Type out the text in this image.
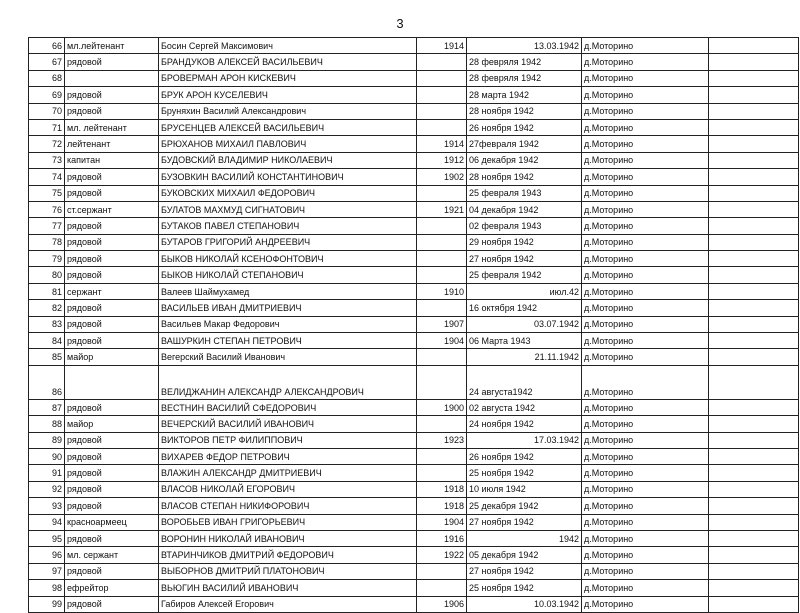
3
66	мл.лейтенант	Босин Сергей Максимович	1914	13.03.1942	д.Моторино	
67	рядовой	БРАНДУКОВ АЛЕКСЕЙ ВАСИЛЬЕВИЧ		28 февряля 1942	д.Моторино	
68		БРОВЕРМАН АРОН КИСКЕВИЧ		28 февряля 1942	д.Моторино	
69	рядовой	БРУК АРОН КУСЕЛЕВИЧ		28 марта 1942	д.Моторино	
70	рядовой	Бруняхин Василий Александрович		28 ноября 1942	д.Моторино	
71	мл. лейтенант	БРУСЕНЦЕВ АЛЕКСЕЙ ВАСИЛЬЕВИЧ		26 ноября 1942	д.Моторино	
72	лейтенант	БРЮХАНОВ МИХАИЛ ПАВЛОВИЧ	1914	27февраля 1942	д.Моторино	
73	капитан	БУДОВСКИЙ ВЛАДИМИР НИКОЛАЕВИЧ	1912	06 декабря 1942	д.Моторино	
74	рядовой	БУЗОВКИН ВАСИЛИЙ КОНСТАНТИНОВИЧ	1902	28 ноября 1942	д.Моторино	
75	рядовой	БУКОВСКИХ МИХАИЛ ФЕДОРОВИЧ		25 февраля 1943	д.Моторино	
76	ст.сержант	БУЛАТОВ МАХМУД СИГНАТОВИЧ	1921	04 декабря 1942	д.Моторино	
77	рядовой	БУТАКОВ ПАВЕЛ СТЕПАНОВИЧ		02 февраля 1943	д.Моторино	
78	рядовой	БУТАРОВ ГРИГОРИЙ АНДРЕЕВИЧ		29 ноября 1942	д.Моторино	
79	рядовой	БЫКОВ НИКОЛАЙ КСЕНОФОНТОВИЧ		27 ноября 1942	д.Моторино	
80	рядовой	БЫКОВ НИКОЛАЙ СТЕПАНОВИЧ		25 февраля 1942	д.Моторино	
81	сержант	Валеев Шаймухамед	1910	июл.42	д.Моторино	
82	рядовой	ВАСИЛЬЕВ ИВАН ДМИТРИЕВИЧ		16 октября 1942	д.Моторино	
83	рядовой	Васильев Макар Федорович	1907	03.07.1942	д.Моторино	
84	рядовой	ВАШУРКИН СТЕПАН ПЕТРОВИЧ	1904	06 Марта 1943	д.Моторино	
85	майор	Вегерский Василий Иванович		21.11.1942	д.Моторино	
86		ВЕЛИДЖАНИН АЛЕКСАНДР АЛЕКСАНДРОВИЧ		24 августа1942	д.Моторино	
87	рядовой	ВЕСТНИН ВАСИЛИЙ СФЕДОРОВИЧ	1900	02 августа 1942	д.Моторино	
88	майор	ВЕЧЕРСКИЙ ВАСИЛИЙ ИВАНОВИЧ		24 ноября 1942	д.Моторино	
89	рядовой	ВИКТОРОВ ПЕТР ФИЛИППОВИЧ	1923	17.03.1942	д.Моторино	
90	рядовой	ВИХАРЕВ ФЕДОР ПЕТРОВИЧ		26 ноября 1942	д.Моторино	
91	рядовой	ВЛАЖИН АЛЕКСАНДР ДМИТРИЕВИЧ		25 ноября 1942	д.Моторино	
92	рядовой	ВЛАСОВ НИКОЛАЙ ЕГОРОВИЧ	1918	10 июля 1942	д.Моторино	
93	рядовой	ВЛАСОВ СТЕПАН НИКИФОРОВИЧ	1918	25 декабря 1942	д.Моторино	
94	красноармеец	ВОРОБЬЕВ ИВАН ГРИГОРЬЕВИЧ	1904	27 ноября 1942	д.Моторино	
95	рядовой	ВОРОНИН НИКОЛАЙ ИВАНОВИЧ	1916	1942	д.Моторино	
96	мл. сержант	ВТАРИНЧИКОВ ДМИТРИЙ ФЕДОРОВИЧ	1922	05 декабря 1942	д.Моторино	
97	рядовой	ВЫБОРНОВ ДМИТРИЙ ПЛАТОНОВИЧ		27 ноября 1942	д.Моторино	
98	ефрейтор	ВЬЮГИН ВАСИЛИЙ ИВАНОВИЧ		25 ноября 1942	д.Моторино	
99	рядовой	Габиров Алексей Егорович	1906	10.03.1942	д.Моторино	
